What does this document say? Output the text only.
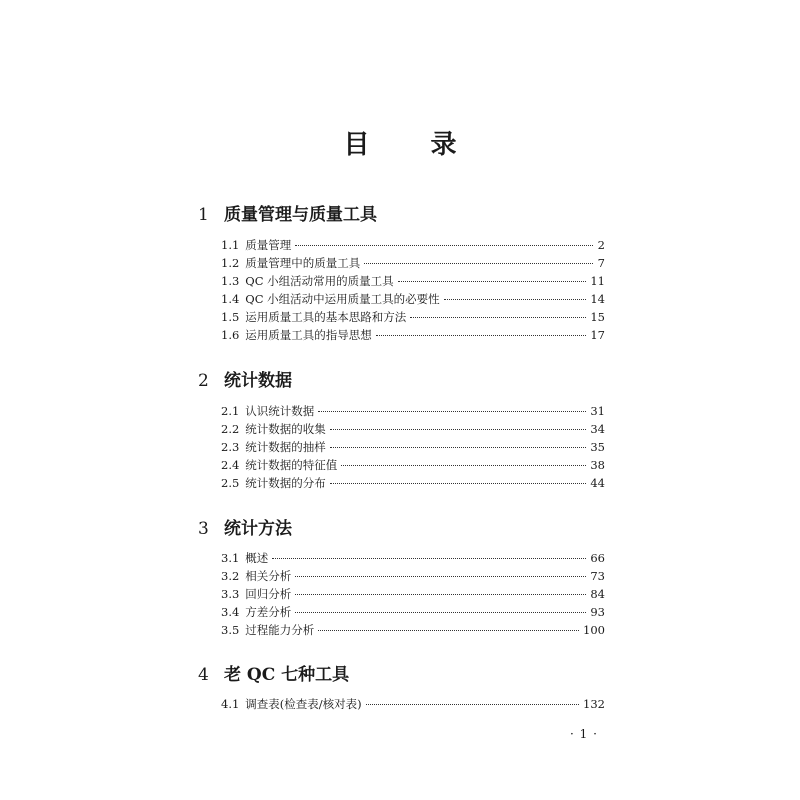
目 录
1 质量管理与质量工具
1.1 质量管理	2
1.2 质量管理中的质量工具	7
1.3 QC 小组活动常用的质量工具	11
1.4 QC 小组活动中运用质量工具的必要性	14
1.5 运用质量工具的基本思路和方法	15
1.6 运用质量工具的指导思想	17
2 统计数据
2.1 认识统计数据	31
2.2 统计数据的收集	34
2.3 统计数据的抽样	35
2.4 统计数据的特征值	38
2.5 统计数据的分布	44
3 统计方法
3.1 概述	66
3.2 相关分析	73
3.3 回归分析	84
3.4 方差分析	93
3.5 过程能力分析	100
4 老 QC 七种工具
4.1 调查表(检查表/核对表)	132
· 1 ·
